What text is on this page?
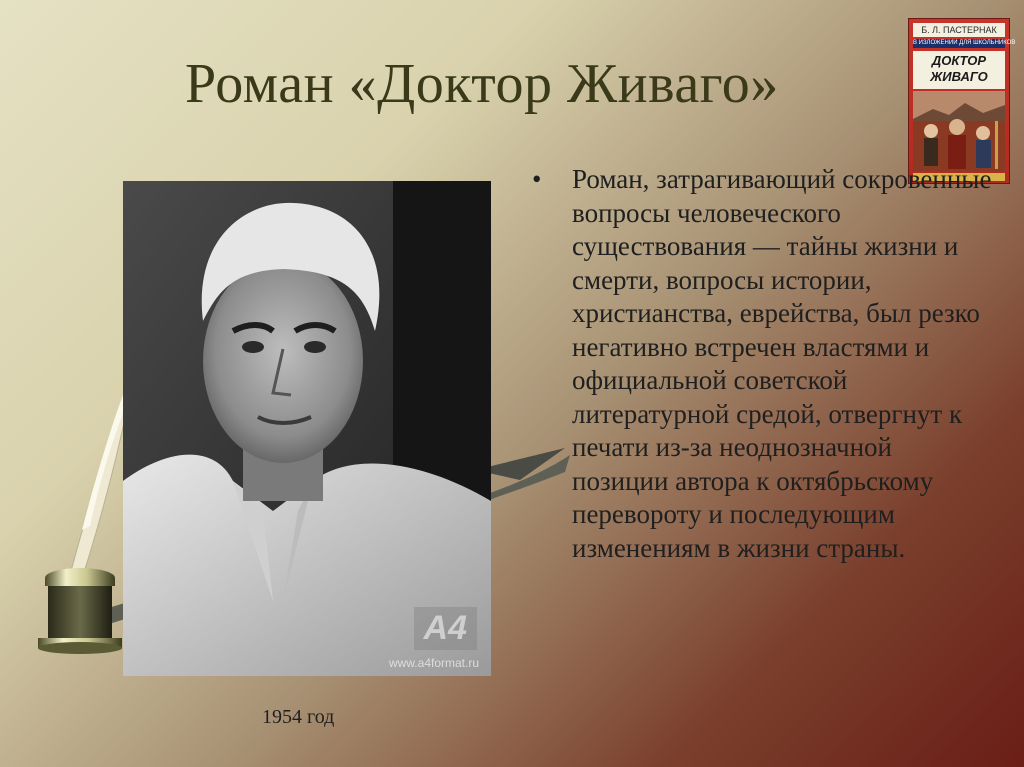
Роман «Доктор Живаго»
Б. Л. ПАСТЕРНАК
В ИЗЛОЖЕНИИ ДЛЯ ШКОЛЬНИКОВ
ДОКТОР
ЖИВАГО
A4
www.a4format.ru
1954 год
• Роман, затрагивающий сокровенные вопросы человеческого существования — тайны жизни и смерти, вопросы истории, христианства, еврейства, был резко негативно встречен властями и официальной советской литературной средой, отвергнут к печати из-за неоднозначной позиции автора к октябрьскому перевороту и последующим изменениям в жизни страны.
